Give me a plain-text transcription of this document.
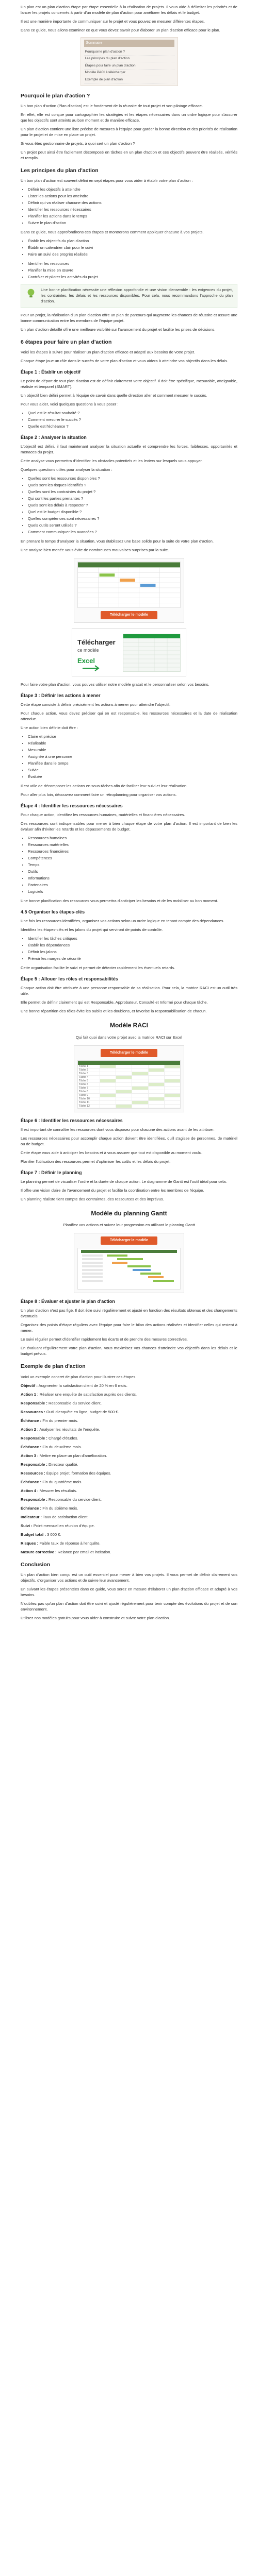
Un plan est un plan d'action étape par étape essentielle à la réalisation de projets. Il vous aide à délimiter les priorités et de lancer les projets concernés à partir d'un modèle de plan d'action pour améliorer les délais et le budget.

Il est une manière importante de communiquer sur le projet et vous pouvez en mesurer différentes étapes.

Dans ce guide, nous allons examiner ce que vous devez savoir pour élaborer un plan d'action efficace pour le plan.

Sommaire
Pourquoi le plan d'action ?
Les principes du plan d'action
Étapes pour faire un plan d'action
Modèle PACI à télécharger
Exemple de plan d'action
Pourquoi le plan d'action ?

Un bon plan d'action (Plan d'action) est le fondement de la réussite de tout projet et son pilotage efficace.

En effet, elle est conçue pour cartographier les stratégies et les étapes nécessaires dans un ordre logique pour s'assurer que les objectifs sont atteints au bon moment et de manière efficace.

Un plan d'action contient une liste précise de mesures à l'équipe pour garder la bonne direction et des priorités de réalisation pour le projet et de mise en place un projet.

Si vous êtes gestionnaire de projets, à quoi sert un plan d'action ?

Un projet peut ainsi être facilement décomposé en tâches en un plan d'action et ces objectifs peuvent être réalisés, vérifiés et remplis.

Les principes du plan d'action

Un bon plan d'action est souvent défini en sept étapes pour vous aider à établir votre plan d'action :

• Définir les objectifs à atteindre
• Lister les actions pour les atteindre
• Définir qui va réaliser chacune des actions
• Identifier les ressources nécessaires
• Planifier les actions dans le temps
• Suivre le plan d'action

Dans ce guide, nous approfondirons ces étapes et montrerons comment appliquer chacune à vos projets.

• Établir les objectifs du plan d'action
• Établir un calendrier clair pour le suivi
• Faire un suivi des progrès réalisés
• Identifier les ressources
• Planifier la mise en œuvre
• Contrôler et piloter les activités du projet

Une bonne planification nécessite une réflexion approfondie et une vision d'ensemble : les exigences du projet, les contraintes, les délais et les ressources disponibles. Pour cela, nous recommandons l'approche du plan d'action.

Pour un projet, la réalisation d'un plan d'action offre un plan de parcours qui augmente les chances de réussite et assure une bonne communication entre les membres de l'équipe projet.

Un plan d'action détaillé offre une meilleure visibilité sur l'avancement du projet et facilite les prises de décisions.

6 étapes pour faire un plan d'action

Voici les étapes à suivre pour réaliser un plan d'action efficace et adapté aux besoins de votre projet.

Chaque étape joue un rôle dans le succès de votre plan d'action et vous aidera à atteindre vos objectifs dans les délais.

Étape 1 : Établir un objectif

Le point de départ de tout plan d'action est de définir clairement votre objectif. Il doit être spécifique, mesurable, atteignable, réaliste et temporel (SMART).

Un objectif bien défini permet à l'équipe de savoir dans quelle direction aller et comment mesurer le succès.

Pour vous aider, voici quelques questions à vous poser :

• Quel est le résultat souhaité ?
• Comment mesurer le succès ?
• Quelle est l'échéance ?
Étape 2 : Analyser la situation

L'objectif est défini, il faut maintenant analyser la situation actuelle et comprendre les forces, faiblesses, opportunités et menaces du projet.

Cette analyse vous permettra d'identifier les obstacles potentiels et les leviers sur lesquels vous appuyer.

Quelques questions utiles pour analyser la situation :

• Quelles sont les ressources disponibles ?
• Quels sont les risques identifiés ?
• Quelles sont les contraintes du projet ?
• Qui sont les parties prenantes ?
• Quels sont les délais à respecter ?
• Quel est le budget disponible ?
• Quelles compétences sont nécessaires ?
• Quels outils seront utilisés ?
• Comment communiquer les avancées ?

En prenant le temps d'analyser la situation, vous établissez une base solide pour la suite de votre plan d'action.

Une analyse bien menée vous évite de nombreuses mauvaises surprises par la suite.

Télécharger le modèle
Télécharger
ce modèle
Excel

Pour faire votre plan d'action, vous pouvez utiliser notre modèle gratuit et le personnaliser selon vos besoins.

Étape 3 : Définir les actions à mener

Cette étape consiste à définir précisément les actions à mener pour atteindre l'objectif.

Pour chaque action, vous devez préciser qui en est responsable, les ressources nécessaires et la date de réalisation attendue.

Une action bien définie doit être :

• Claire et précise
• Réalisable
• Mesurable
• Assignée à une personne
• Planifiée dans le temps
• Suivie
• Évaluée

Il est utile de décomposer les actions en sous-tâches afin de faciliter leur suivi et leur réalisation.

Pour aller plus loin, découvrez comment faire un rétroplanning pour organiser vos actions.

Étape 4 : Identifier les ressources nécessaires

Pour chaque action, identifiez les ressources humaines, matérielles et financières nécessaires.

Ces ressources sont indispensables pour mener à bien chaque étape de votre plan d'action. Il est important de bien les évaluer afin d'éviter les retards et les dépassements de budget.

• Ressources humaines
• Ressources matérielles
• Ressources financières
• Compétences
• Temps
• Outils
• Informations
• Partenaires
• Logiciels

Une bonne planification des ressources vous permettra d'anticiper les besoins et de les mobiliser au bon moment.

4.5 Organiser les étapes-clés

Une fois les ressources identifiées, organisez vos actions selon un ordre logique en tenant compte des dépendances.

Identifiez les étapes-clés et les jalons du projet qui serviront de points de contrôle.

• Identifier les tâches critiques
• Établir les dépendances
• Définir les jalons
• Prévoir les marges de sécurité

Cette organisation facilite le suivi et permet de détecter rapidement les éventuels retards.

Étape 5 : Allouer les rôles et responsabilités

Chaque action doit être attribuée à une personne responsable de sa réalisation. Pour cela, la matrice RACI est un outil très utile.

Elle permet de définir clairement qui est Responsable, Approbateur, Consulté et Informé pour chaque tâche.

Une bonne répartition des rôles évite les oublis et les doublons, et favorise la responsabilisation de chacun.

Modèle RACI

Qui fait quoi dans votre projet avec la matrice RACI sur Excel

Télécharger le modèle
Tâche 1
Tâche 2
Tâche 3
Tâche 4
Tâche 5
Tâche 6
Tâche 7
Tâche 8
Tâche 9
Tâche 10
Tâche 11
Tâche 12
Étape 6 : Identifier les ressources nécessaires

Il est important de connaître les ressources dont vous disposez pour chacune des actions avant de les attribuer.

Les ressources nécessaires pour accomplir chaque action doivent être identifiées, qu'il s'agisse de personnes, de matériel ou de budget.

Cette étape vous aide à anticiper les besoins et à vous assurer que tout est disponible au moment voulu.

Planifier l'utilisation des ressources permet d'optimiser les coûts et les délais du projet.

Étape 7 : Définir le planning

Le planning permet de visualiser l'ordre et la durée de chaque action. Le diagramme de Gantt est l'outil idéal pour cela.

Il offre une vision claire de l'avancement du projet et facilite la coordination entre les membres de l'équipe.

Un planning réaliste tient compte des contraintes, des ressources et des imprévus.

Modèle du planning Gantt

Planifiez vos actions et suivez leur progression en utilisant le planning Gantt

Télécharger le modèle
Étape 8 : Évaluer et ajuster le plan d'action

Un plan d'action n'est pas figé. Il doit être suivi régulièrement et ajusté en fonction des résultats obtenus et des changements éventuels.

Organisez des points d'étape réguliers avec l'équipe pour faire le bilan des actions réalisées et identifier celles qui restent à mener.

Le suivi régulier permet d'identifier rapidement les écarts et de prendre des mesures correctives.

En évaluant régulièrement votre plan d'action, vous maximisez vos chances d'atteindre vos objectifs dans les délais et le budget prévus.

Exemple de plan d'action

Voici un exemple concret de plan d'action pour illustrer ces étapes.

Objectif : Augmenter la satisfaction client de 20 % en 6 mois.

Action 1 : Réaliser une enquête de satisfaction auprès des clients.

Responsable : Responsable du service client.

Ressources : Outil d'enquête en ligne, budget de 500 €.

Échéance : Fin du premier mois.

Action 2 : Analyser les résultats de l'enquête.

Responsable : Chargé d'études.

Échéance : Fin du deuxième mois.

Action 3 : Mettre en place un plan d'amélioration.

Responsable : Directeur qualité.

Ressources : Équipe projet, formation des équipes.

Échéance : Fin du quatrième mois.

Action 4 : Mesurer les résultats.

Responsable : Responsable du service client.

Échéance : Fin du sixième mois.

Indicateur : Taux de satisfaction client.

Suivi : Point mensuel en réunion d'équipe.

Budget total : 3 000 €.

Risques : Faible taux de réponse à l'enquête.

Mesure corrective : Relance par email et incitation.

Conclusion

Un plan d'action bien conçu est un outil essentiel pour mener à bien vos projets. Il vous permet de définir clairement vos objectifs, d'organiser vos actions et de suivre leur avancement.

En suivant les étapes présentées dans ce guide, vous serez en mesure d'élaborer un plan d'action efficace et adapté à vos besoins.

N'oubliez pas qu'un plan d'action doit être suivi et ajusté régulièrement pour tenir compte des évolutions du projet et de son environnement.

Utilisez nos modèles gratuits pour vous aider à construire et suivre votre plan d'action.
